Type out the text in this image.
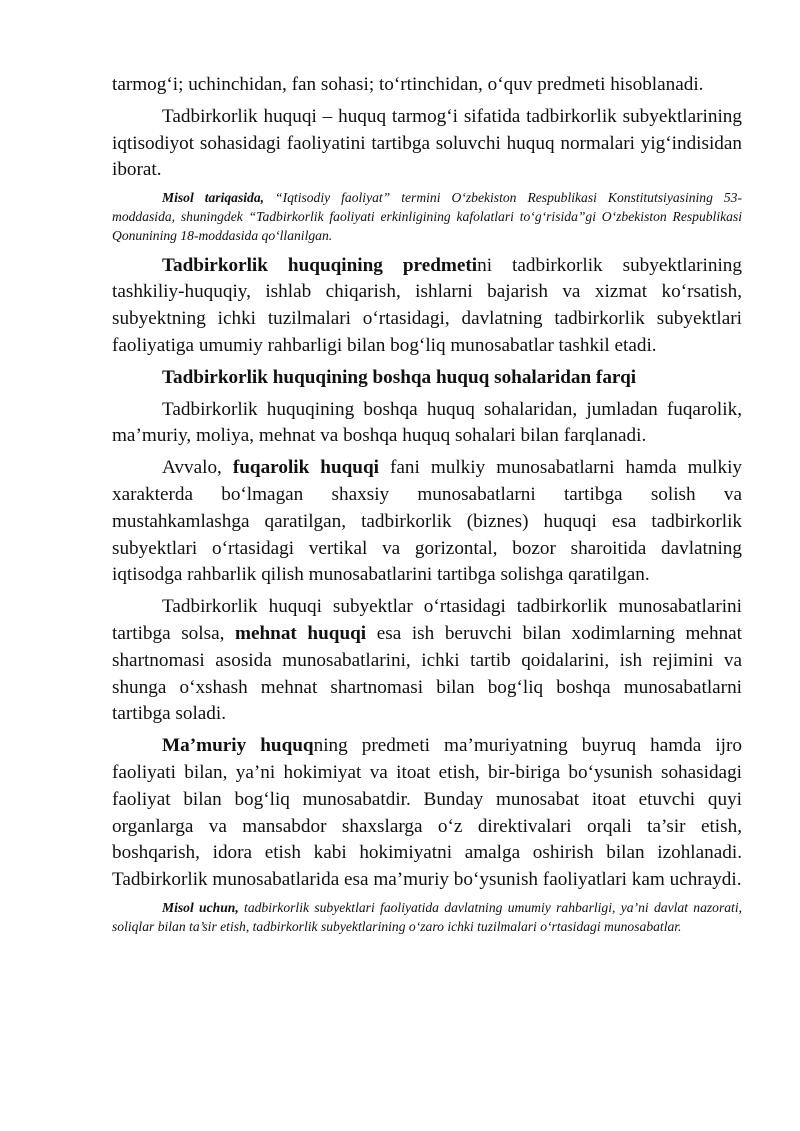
tarmog‘i; uchinchidan, fan sohasi; to‘rtinchidan, o‘quv predmeti hisoblanadi.

Tadbirkorlik huquqi – huquq tarmog‘i sifatida tadbirkorlik subyektlarining iqtisodiyot sohasidagi faoliyatini tartibga soluvchi huquq normalari yig‘indisidan iborat.

Misol tariqasida, “Iqtisodiy faoliyat” termini O‘zbekiston Respublikasi Konstitutsiyasining 53-moddasida, shuningdek “Tadbirkorlik faoliyati erkinligining kafolatlari to‘g‘risida”gi O‘zbekiston Respublikasi Qonunining 18-moddasida qo‘llanilgan.

Tadbirkorlik huquqining predmetini tadbirkorlik subyektlarining tashkiliy-huquqiy, ishlab chiqarish, ishlarni bajarish va xizmat ko‘rsatish, subyektning ichki tuzilmalari o‘rtasidagi, davlatning tadbirkorlik subyektlari faoliyatiga umumiy rahbarligi bilan bog‘liq munosabatlar tashkil etadi.

Tadbirkorlik huquqining boshqa huquq sohalaridan farqi

Tadbirkorlik huquqining boshqa huquq sohalaridan, jumladan fuqarolik, ma’muriy, moliya, mehnat va boshqa huquq sohalari bilan farqlanadi.

Avvalo, fuqarolik huquqi fani mulkiy munosabatlarni hamda mulkiy xarakterda bo‘lmagan shaxsiy munosabatlarni tartibga solish va mustahkamlashga qaratilgan, tadbirkorlik (biznes) huquqi esa tadbirkorlik subyektlari o‘rtasidagi vertikal va gorizontal, bozor sharoitida davlatning iqtisodga rahbarlik qilish munosabatlarini tartibga solishga qaratilgan.

Tadbirkorlik huquqi subyektlar o‘rtasidagi tadbirkorlik munosabatlarini tartibga solsa, mehnat huquqi esa ish beruvchi bilan xodimlarning mehnat shartnomasi asosida munosabatlarini, ichki tartib qoidalarini, ish rejimini va shunga o‘xshash mehnat shartnomasi bilan bog‘liq boshqa munosabatlarni tartibga soladi.

Ma’muriy huquqning predmeti ma’muriyatning buyruq hamda ijro faoliyati bilan, ya’ni hokimiyat va itoat etish, bir-biriga bo‘ysunish sohasidagi faoliyat bilan bog‘liq munosabatdir. Bunday munosabat itoat etuvchi quyi organlarga va mansabdor shaxslarga o‘z direktivalari orqali ta’sir etish, boshqarish, idora etish kabi hokimiyatni amalga oshirish bilan izohlanadi. Tadbirkorlik munosabatlarida esa ma’muriy bo‘ysunish faoliyatlari kam uchraydi.

Misol uchun, tadbirkorlik subyektlari faoliyatida davlatning umumiy rahbarligi, ya’ni davlat nazorati, soliqlar bilan ta’sir etish, tadbirkorlik subyektlarining o‘zaro ichki tuzilmalari o‘rtasidagi munosabatlar.
